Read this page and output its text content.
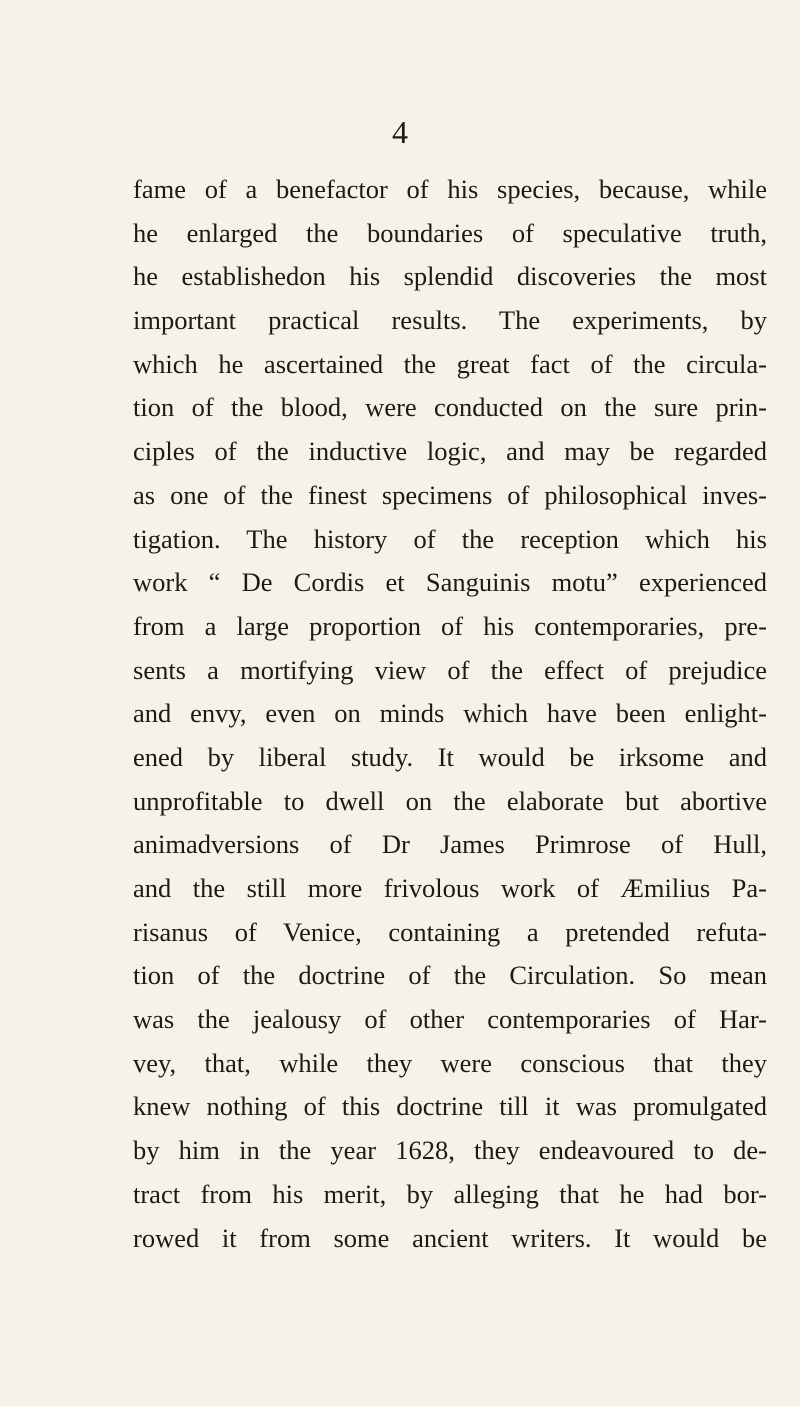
4
fame of a benefactor of his species, because, while
he enlarged the boundaries of speculative truth,
he establishedon his splendid discoveries the most
important practical results. The experiments, by
which he ascertained the great fact of the circula-
tion of the blood, were conducted on the sure prin-
ciples of the inductive logic, and may be regarded
as one of the finest specimens of philosophical inves-
tigation. The history of the reception which his
work “ De Cordis et Sanguinis motu” experienced
from a large proportion of his contemporaries, pre-
sents a mortifying view of the effect of prejudice
and envy, even on minds which have been enlight-
ened by liberal study. It would be irksome and
unprofitable to dwell on the elaborate but abortive
animadversions of Dr James Primrose of Hull,
and the still more frivolous work of Æmilius Pa-
risanus of Venice, containing a pretended refuta-
tion of the doctrine of the Circulation. So mean
was the jealousy of other contemporaries of Har-
vey, that, while they were conscious that they
knew nothing of this doctrine till it was promulgated
by him in the year 1628, they endeavoured to de-
tract from his merit, by alleging that he had bor-
rowed it from some ancient writers. It would be
